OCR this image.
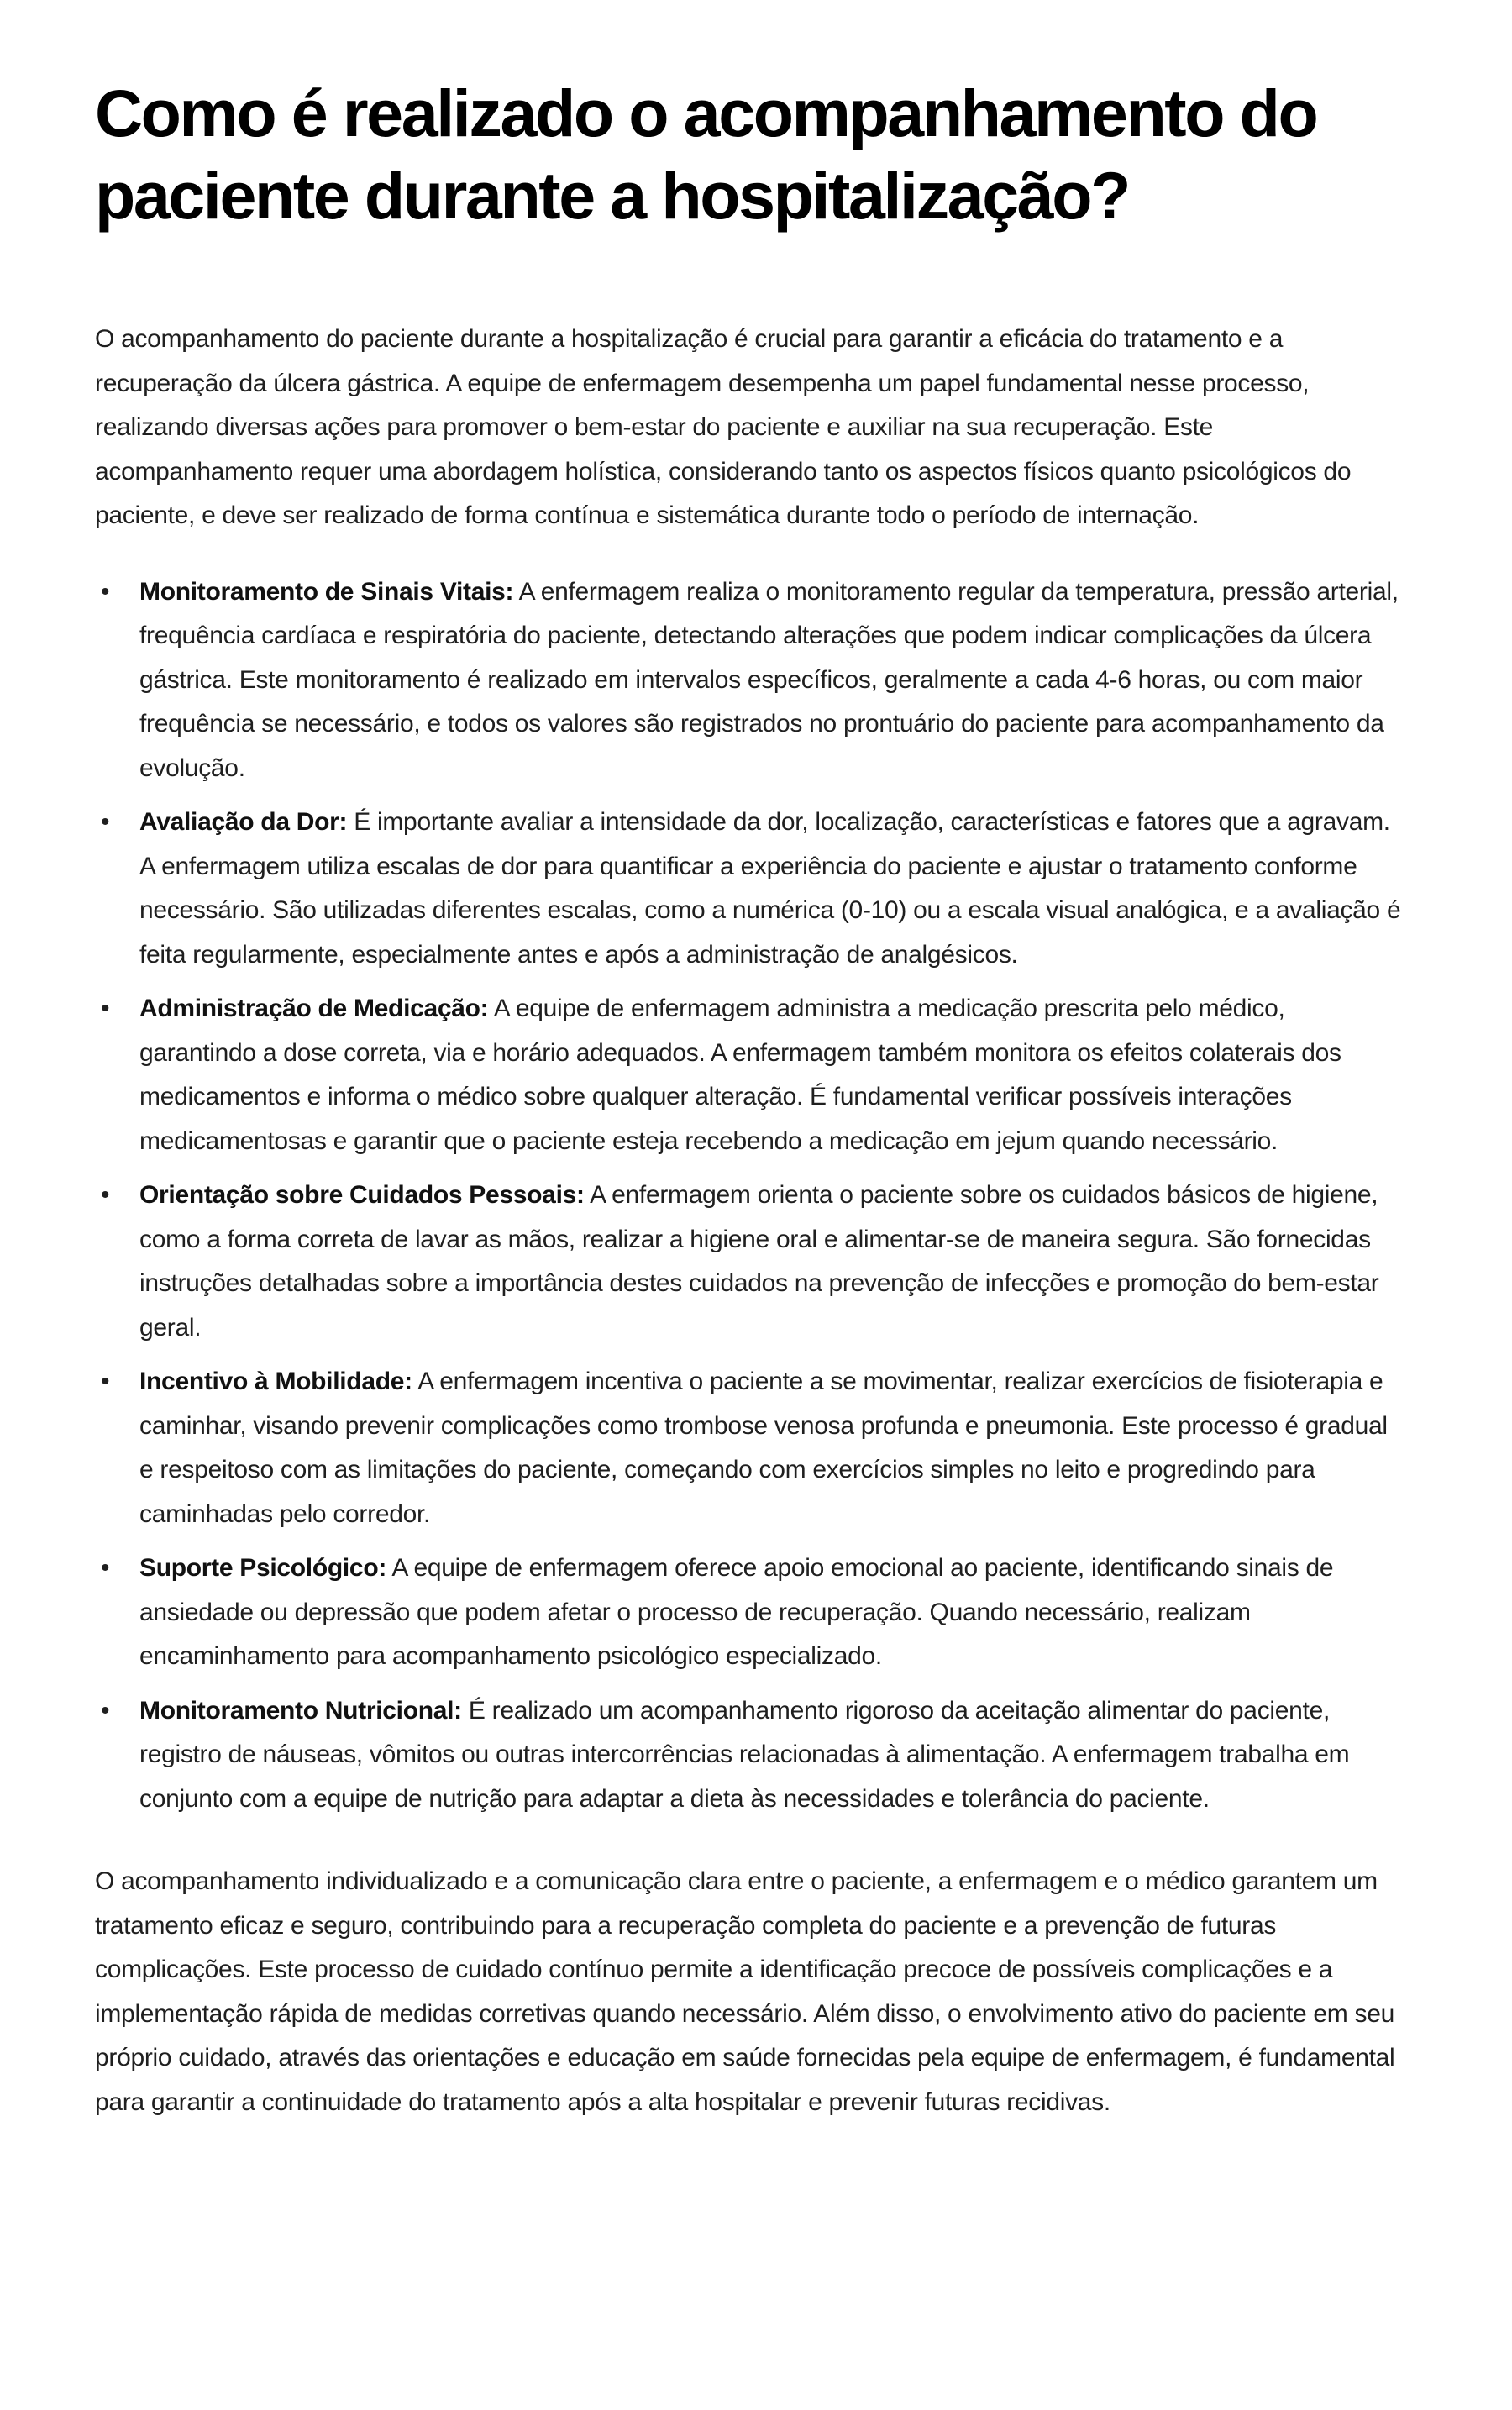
Como é realizado o acompanhamento do paciente durante a hospitalização?

O acompanhamento do paciente durante a hospitalização é crucial para garantir a eficácia do tratamento e a recuperação da úlcera gástrica. A equipe de enfermagem desempenha um papel fundamental nesse processo, realizando diversas ações para promover o bem-estar do paciente e auxiliar na sua recuperação. Este acompanhamento requer uma abordagem holística, considerando tanto os aspectos físicos quanto psicológicos do paciente, e deve ser realizado de forma contínua e sistemática durante todo o período de internação.

• Monitoramento de Sinais Vitais: A enfermagem realiza o monitoramento regular da temperatura, pressão arterial, frequência cardíaca e respiratória do paciente, detectando alterações que podem indicar complicações da úlcera gástrica. Este monitoramento é realizado em intervalos específicos, geralmente a cada 4-6 horas, ou com maior frequência se necessário, e todos os valores são registrados no prontuário do paciente para acompanhamento da evolução.
• Avaliação da Dor: É importante avaliar a intensidade da dor, localização, características e fatores que a agravam. A enfermagem utiliza escalas de dor para quantificar a experiência do paciente e ajustar o tratamento conforme necessário. São utilizadas diferentes escalas, como a numérica (0-10) ou a escala visual analógica, e a avaliação é feita regularmente, especialmente antes e após a administração de analgésicos.
• Administração de Medicação: A equipe de enfermagem administra a medicação prescrita pelo médico, garantindo a dose correta, via e horário adequados. A enfermagem também monitora os efeitos colaterais dos medicamentos e informa o médico sobre qualquer alteração. É fundamental verificar possíveis interações medicamentosas e garantir que o paciente esteja recebendo a medicação em jejum quando necessário.
• Orientação sobre Cuidados Pessoais: A enfermagem orienta o paciente sobre os cuidados básicos de higiene, como a forma correta de lavar as mãos, realizar a higiene oral e alimentar-se de maneira segura. São fornecidas instruções detalhadas sobre a importância destes cuidados na prevenção de infecções e promoção do bem-estar geral.
• Incentivo à Mobilidade: A enfermagem incentiva o paciente a se movimentar, realizar exercícios de fisioterapia e caminhar, visando prevenir complicações como trombose venosa profunda e pneumonia. Este processo é gradual e respeitoso com as limitações do paciente, começando com exercícios simples no leito e progredindo para caminhadas pelo corredor.
• Suporte Psicológico: A equipe de enfermagem oferece apoio emocional ao paciente, identificando sinais de ansiedade ou depressão que podem afetar o processo de recuperação. Quando necessário, realizam encaminhamento para acompanhamento psicológico especializado.
• Monitoramento Nutricional: É realizado um acompanhamento rigoroso da aceitação alimentar do paciente, registro de náuseas, vômitos ou outras intercorrências relacionadas à alimentação. A enfermagem trabalha em conjunto com a equipe de nutrição para adaptar a dieta às necessidades e tolerância do paciente.

O acompanhamento individualizado e a comunicação clara entre o paciente, a enfermagem e o médico garantem um tratamento eficaz e seguro, contribuindo para a recuperação completa do paciente e a prevenção de futuras complicações. Este processo de cuidado contínuo permite a identificação precoce de possíveis complicações e a implementação rápida de medidas corretivas quando necessário. Além disso, o envolvimento ativo do paciente em seu próprio cuidado, através das orientações e educação em saúde fornecidas pela equipe de enfermagem, é fundamental para garantir a continuidade do tratamento após a alta hospitalar e prevenir futuras recidivas.
